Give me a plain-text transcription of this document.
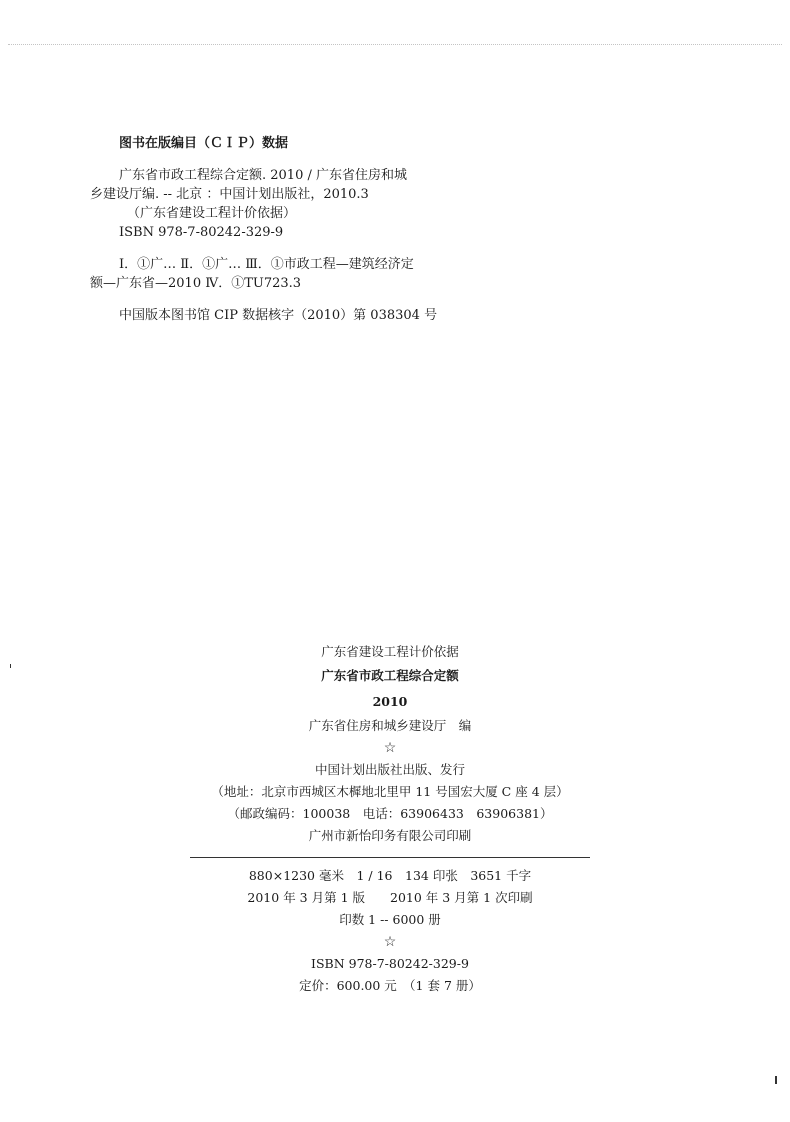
图书在版编目（ＣＩＰ）数据

广东省市政工程综合定额. 2010 / 广东省住房和城

乡建设厅编. -- 北京 ：中国计划出版社，2010.3

（广东省建设工程计价依据）

ISBN 978-7-80242-329-9

Ⅰ．①广… Ⅱ．①广… Ⅲ．①市政工程—建筑经济定

额—广东省—2010 Ⅳ．①TU723.3

中国版本图书馆 CIP 数据核字（2010）第 038304 号

广东省建设工程计价依据

广东省市政工程综合定额

2010

广东省住房和城乡建设厅　编

☆

中国计划出版社出版、发行

（地址：北京市西城区木樨地北里甲 11 号国宏大厦 C 座 4 层）

（邮政编码：100038　电话：63906433　63906381）

广州市新怡印务有限公司印刷

880×1230 毫米　1 / 16　134 印张　3651 千字

2010 年 3 月第 1 版　　2010 年 3 月第 1 次印刷

印数 1 -- 6000 册

☆

ISBN 978-7-80242-329-9

定价：600.00 元　（1 套 7 册）
